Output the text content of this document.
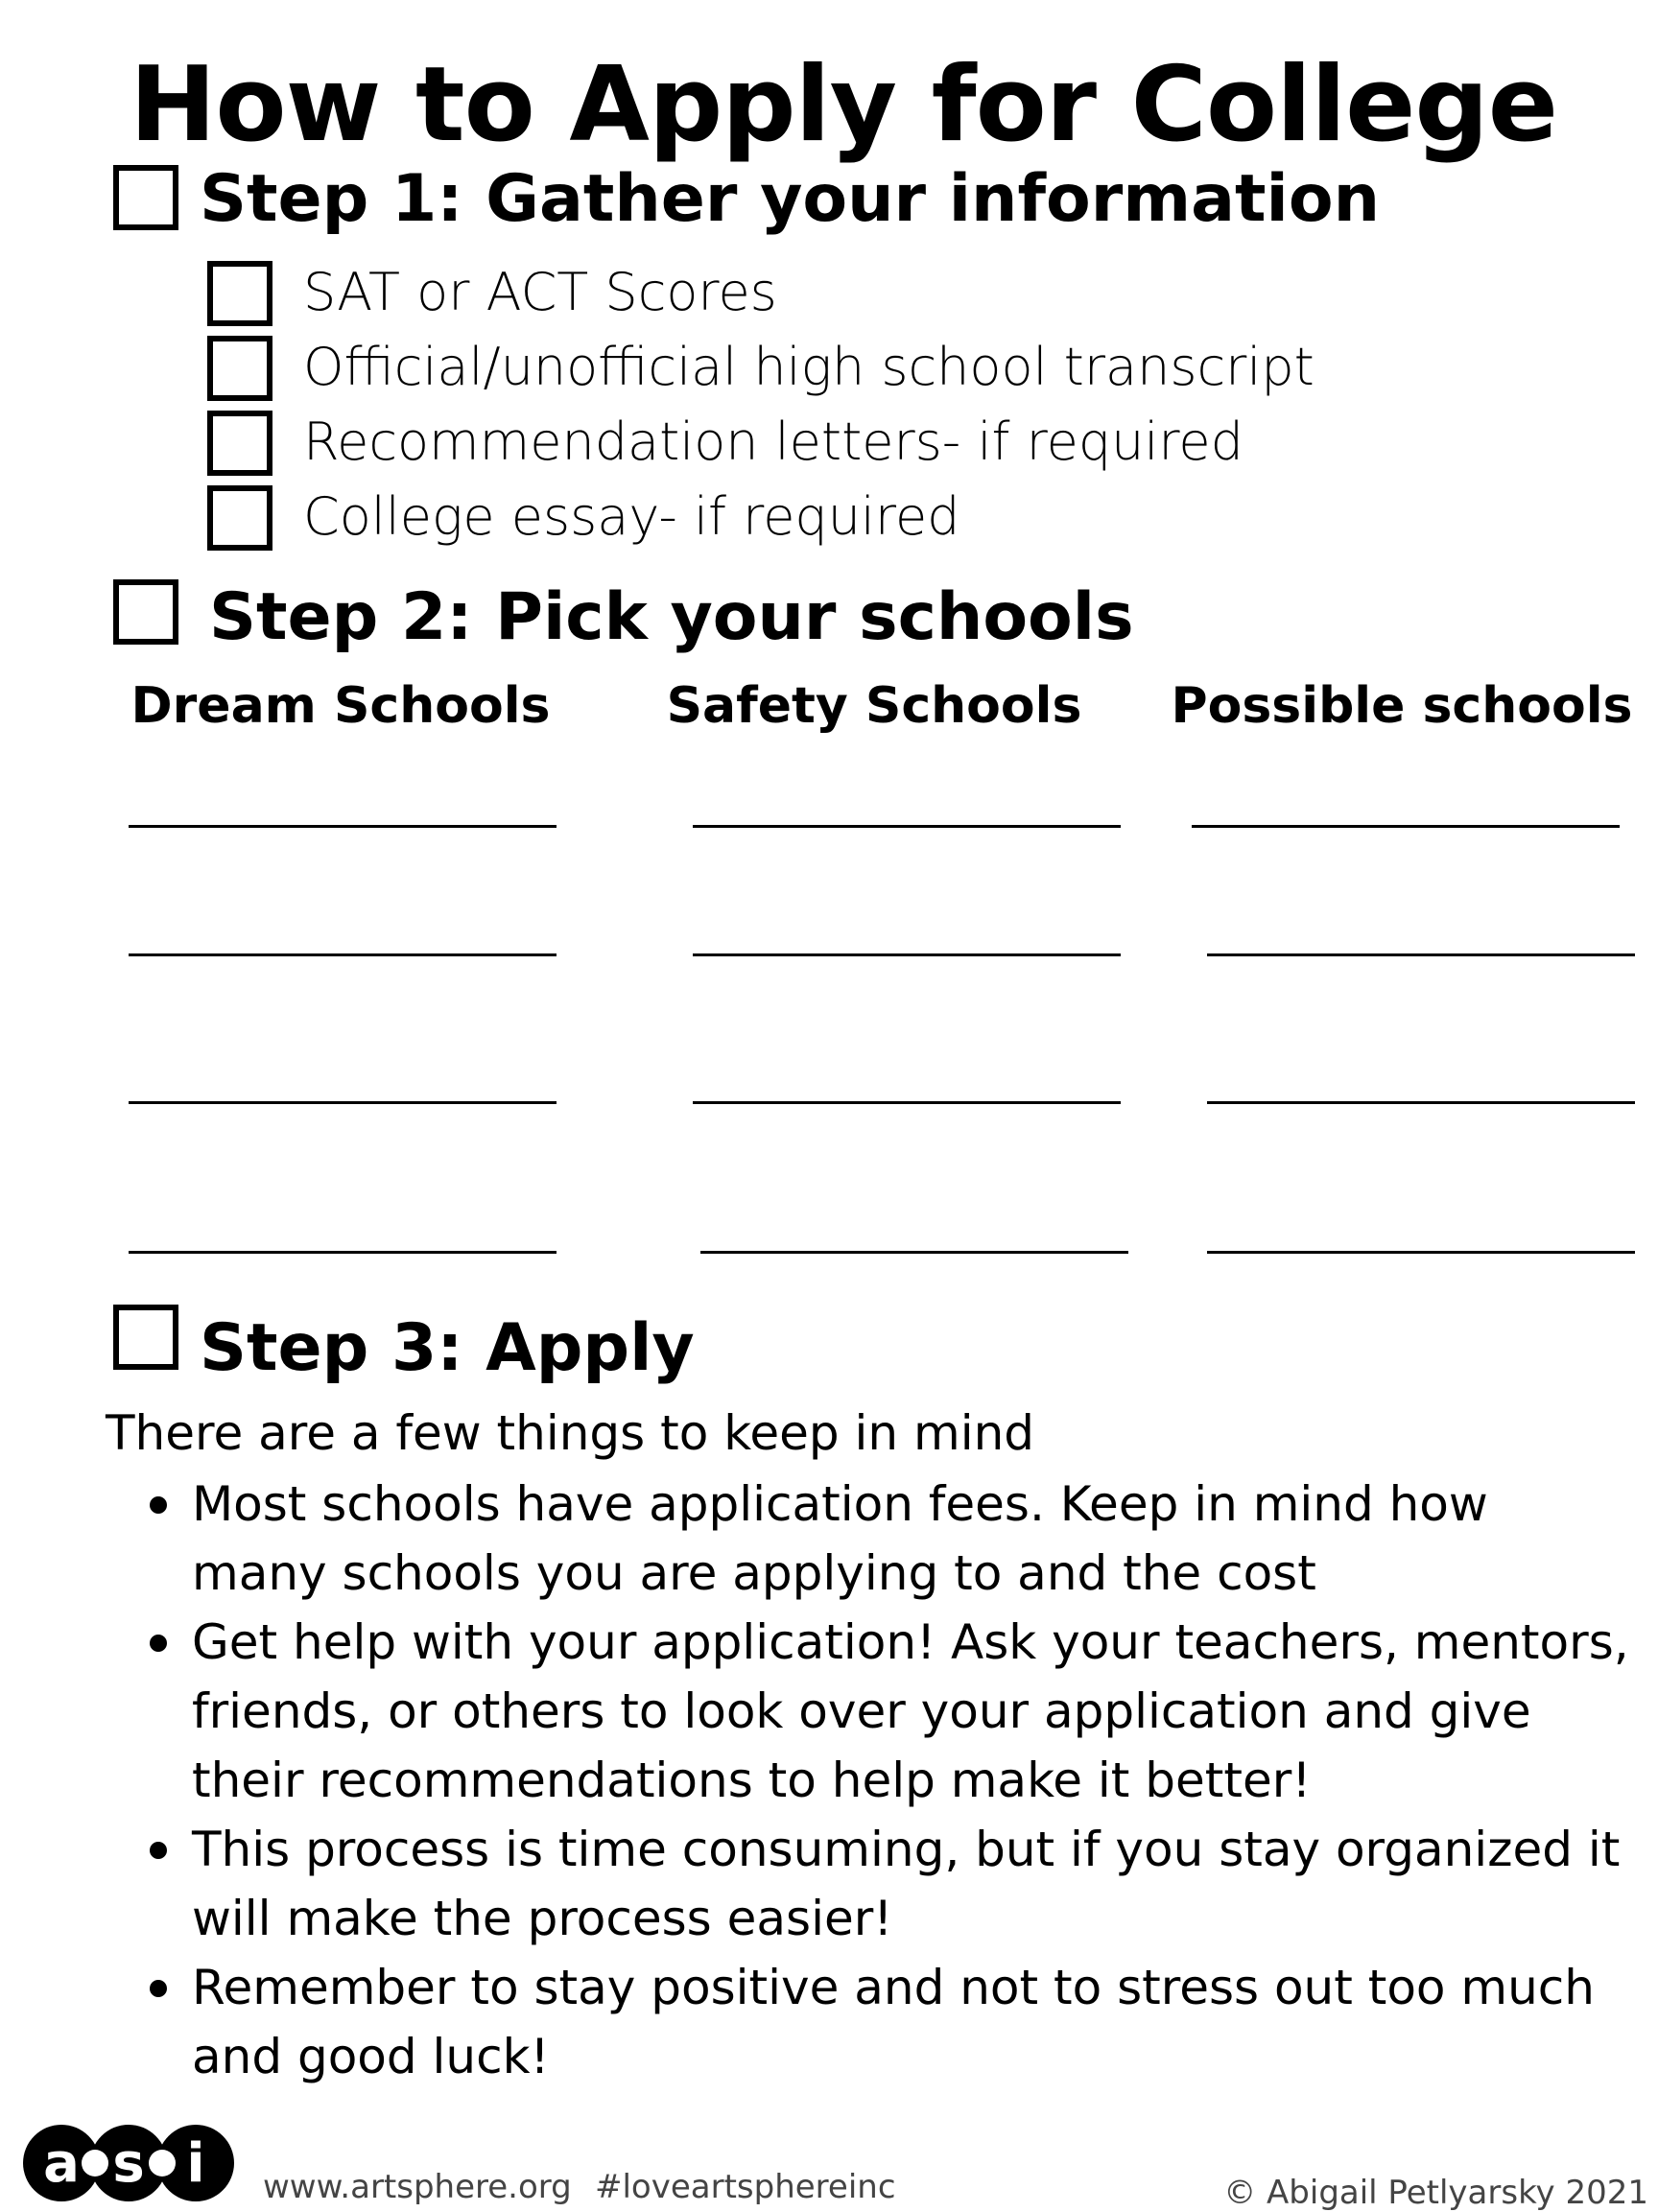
How to Apply for College
Step 1: Gather your information
SAT or ACT Scores
Official/unofficial high school transcript
Recommendation letters- if required
College essay- if required
Step 2: Pick your schools
Dream Schools Safety Schools Possible schools
Step 3: Apply
There are a few things to keep in mind
Most schools have application fees. Keep in mind how many schools you are applying to and the cost
Get help with your application! Ask your teachers, mentors, friends, or others to look over your application and give their recommendations to help make it better!
This process is time consuming, but if you stay organized it will make the process easier!
Remember to stay positive and not to stress out too much and good luck!
a s i www.artsphere.org #loveartsphereinc	© Abigail Petlyarsky 2021
